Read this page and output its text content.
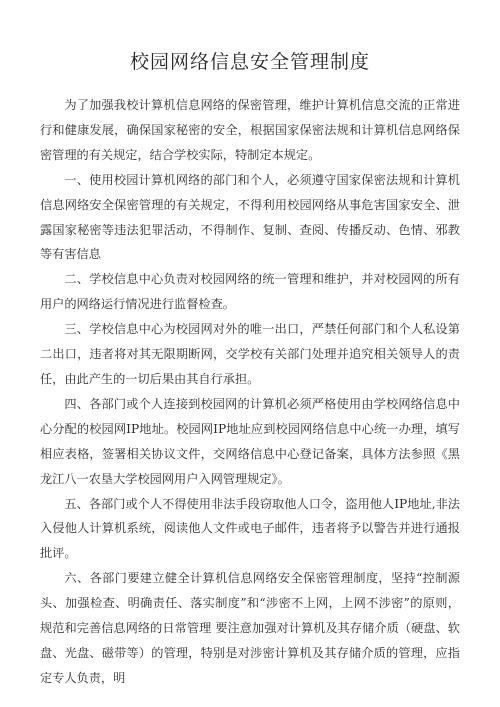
校园网络信息安全管理制度

为了加强我校计算机信息网络的保密管理，维护计算机信息交流的正常进行和健康发展，确保国家秘密的安全，根据国家保密法规和计算机信息网络保密管理的有关规定，结合学校实际，特制定本规定。

一、使用校园计算机网络的部门和个人，必须遵守国家保密法规和计算机信息网络安全保密管理的有关规定，不得利用校园网络从事危害国家安全、泄露国家秘密等违法犯罪活动，不得制作、复制、查阅、传播反动、色情、邪教等有害信息

二、学校信息中心负责对校园网络的统一管理和维护，并对校园网的所有用户的网络运行情况进行监督检查。

三、学校信息中心为校园网对外的唯一出口，严禁任何部门和个人私设第二出口，违者将对其无限期断网，交学校有关部门处理并追究相关领导人的责任，由此产生的一切后果由其自行承担。

四、各部门或个人连接到校园网的计算机必须严格使用由学校网络信息中心分配的校园网IP地址。校园网IP地址应到校园网络信息中心统一办理，填写相应表格，签署相关协议文件，交网络信息中心登记备案，具体方法参照《黑龙江八一农垦大学校园网用户入网管理规定》。

五、各部门或个人不得使用非法手段窃取他人口令，盗用他人IP地址,非法入侵他人计算机系统，阅读他人文件或电子邮件，违者将予以警告并进行通报批评。

六、各部门要建立健全计算机信息网络安全保密管理制度，坚持“控制源头、加强检查、明确责任、落实制度”和“涉密不上网，上网不涉密”的原则，规范和完善信息网络的日常管理 要注意加强对计算机及其存储介质（硬盘、软盘、光盘、磁带等）的管理，特别是对涉密计算机及其存储介质的管理，应指定专人负责，明
